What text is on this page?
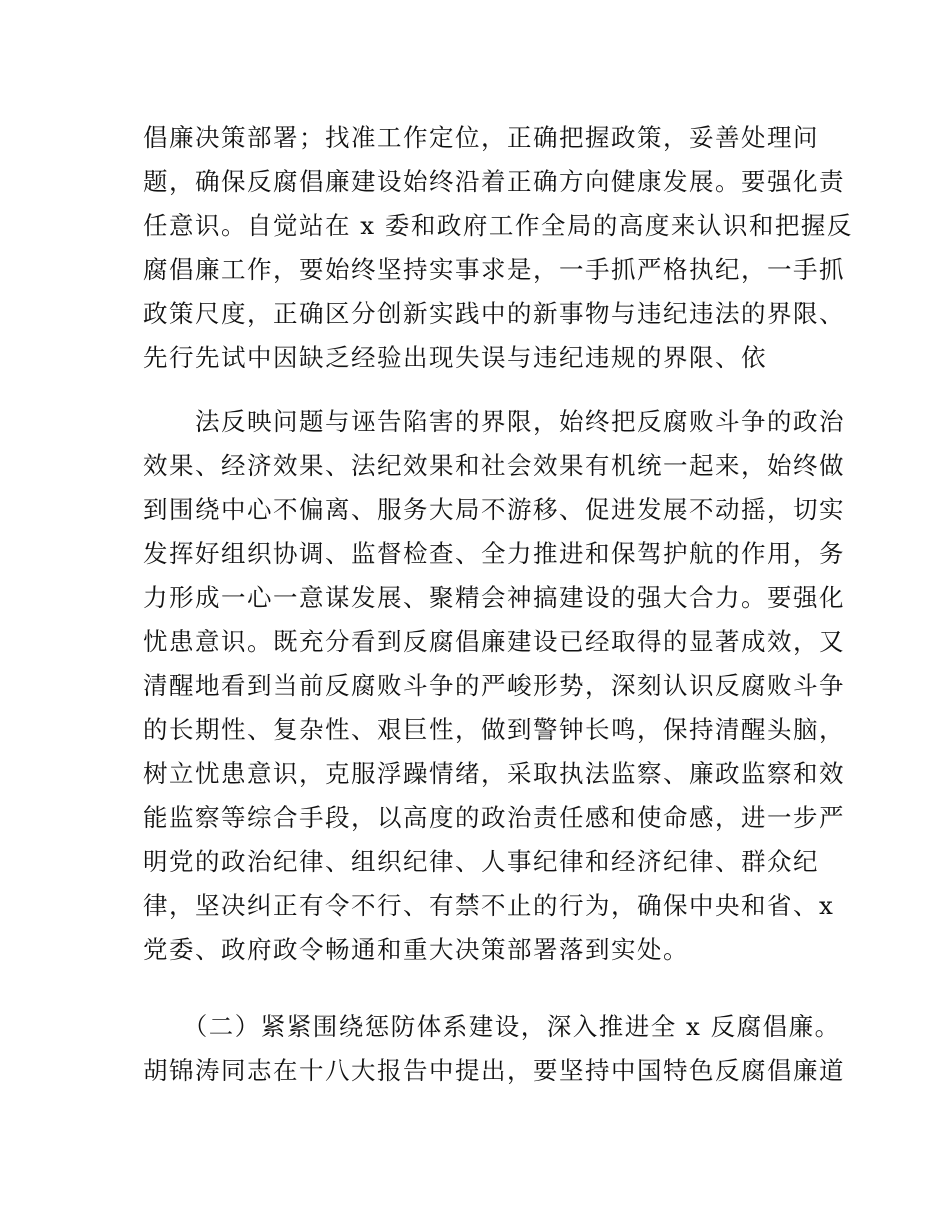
倡廉决策部署；找准工作定位，正确把握政策，妥善处理问
题，确保反腐倡廉建设始终沿着正确方向健康发展。要强化责
任意识。自觉站在 x 委和政府工作全局的高度来认识和把握反
腐倡廉工作，要始终坚持实事求是，一手抓严格执纪，一手抓
政策尺度，正确区分创新实践中的新事物与违纪违法的界限、
先行先试中因缺乏经验出现失误与违纪违规的界限、依
　　法反映问题与诬告陷害的界限，始终把反腐败斗争的政治
效果、经济效果、法纪效果和社会效果有机统一起来，始终做
到围绕中心不偏离、服务大局不游移、促进发展不动摇，切实
发挥好组织协调、监督检查、全力推进和保驾护航的作用，务
力形成一心一意谋发展、聚精会神搞建设的强大合力。要强化
忧患意识。既充分看到反腐倡廉建设已经取得的显著成效，又
清醒地看到当前反腐败斗争的严峻形势，深刻认识反腐败斗争
的长期性、复杂性、艰巨性，做到警钟长鸣，保持清醒头脑，
树立忧患意识，克服浮躁情绪，采取执法监察、廉政监察和效
能监察等综合手段，以高度的政治责任感和使命感，进一步严
明党的政治纪律、组织纪律、人事纪律和经济纪律、群众纪
律，坚决纠正有令不行、有禁不止的行为，确保中央和省、x
党委、政府政令畅通和重大决策部署落到实处。
　　（二）紧紧围绕惩防体系建设，深入推进全 x 反腐倡廉。
胡锦涛同志在十八大报告中提出，要坚持中国特色反腐倡廉道
